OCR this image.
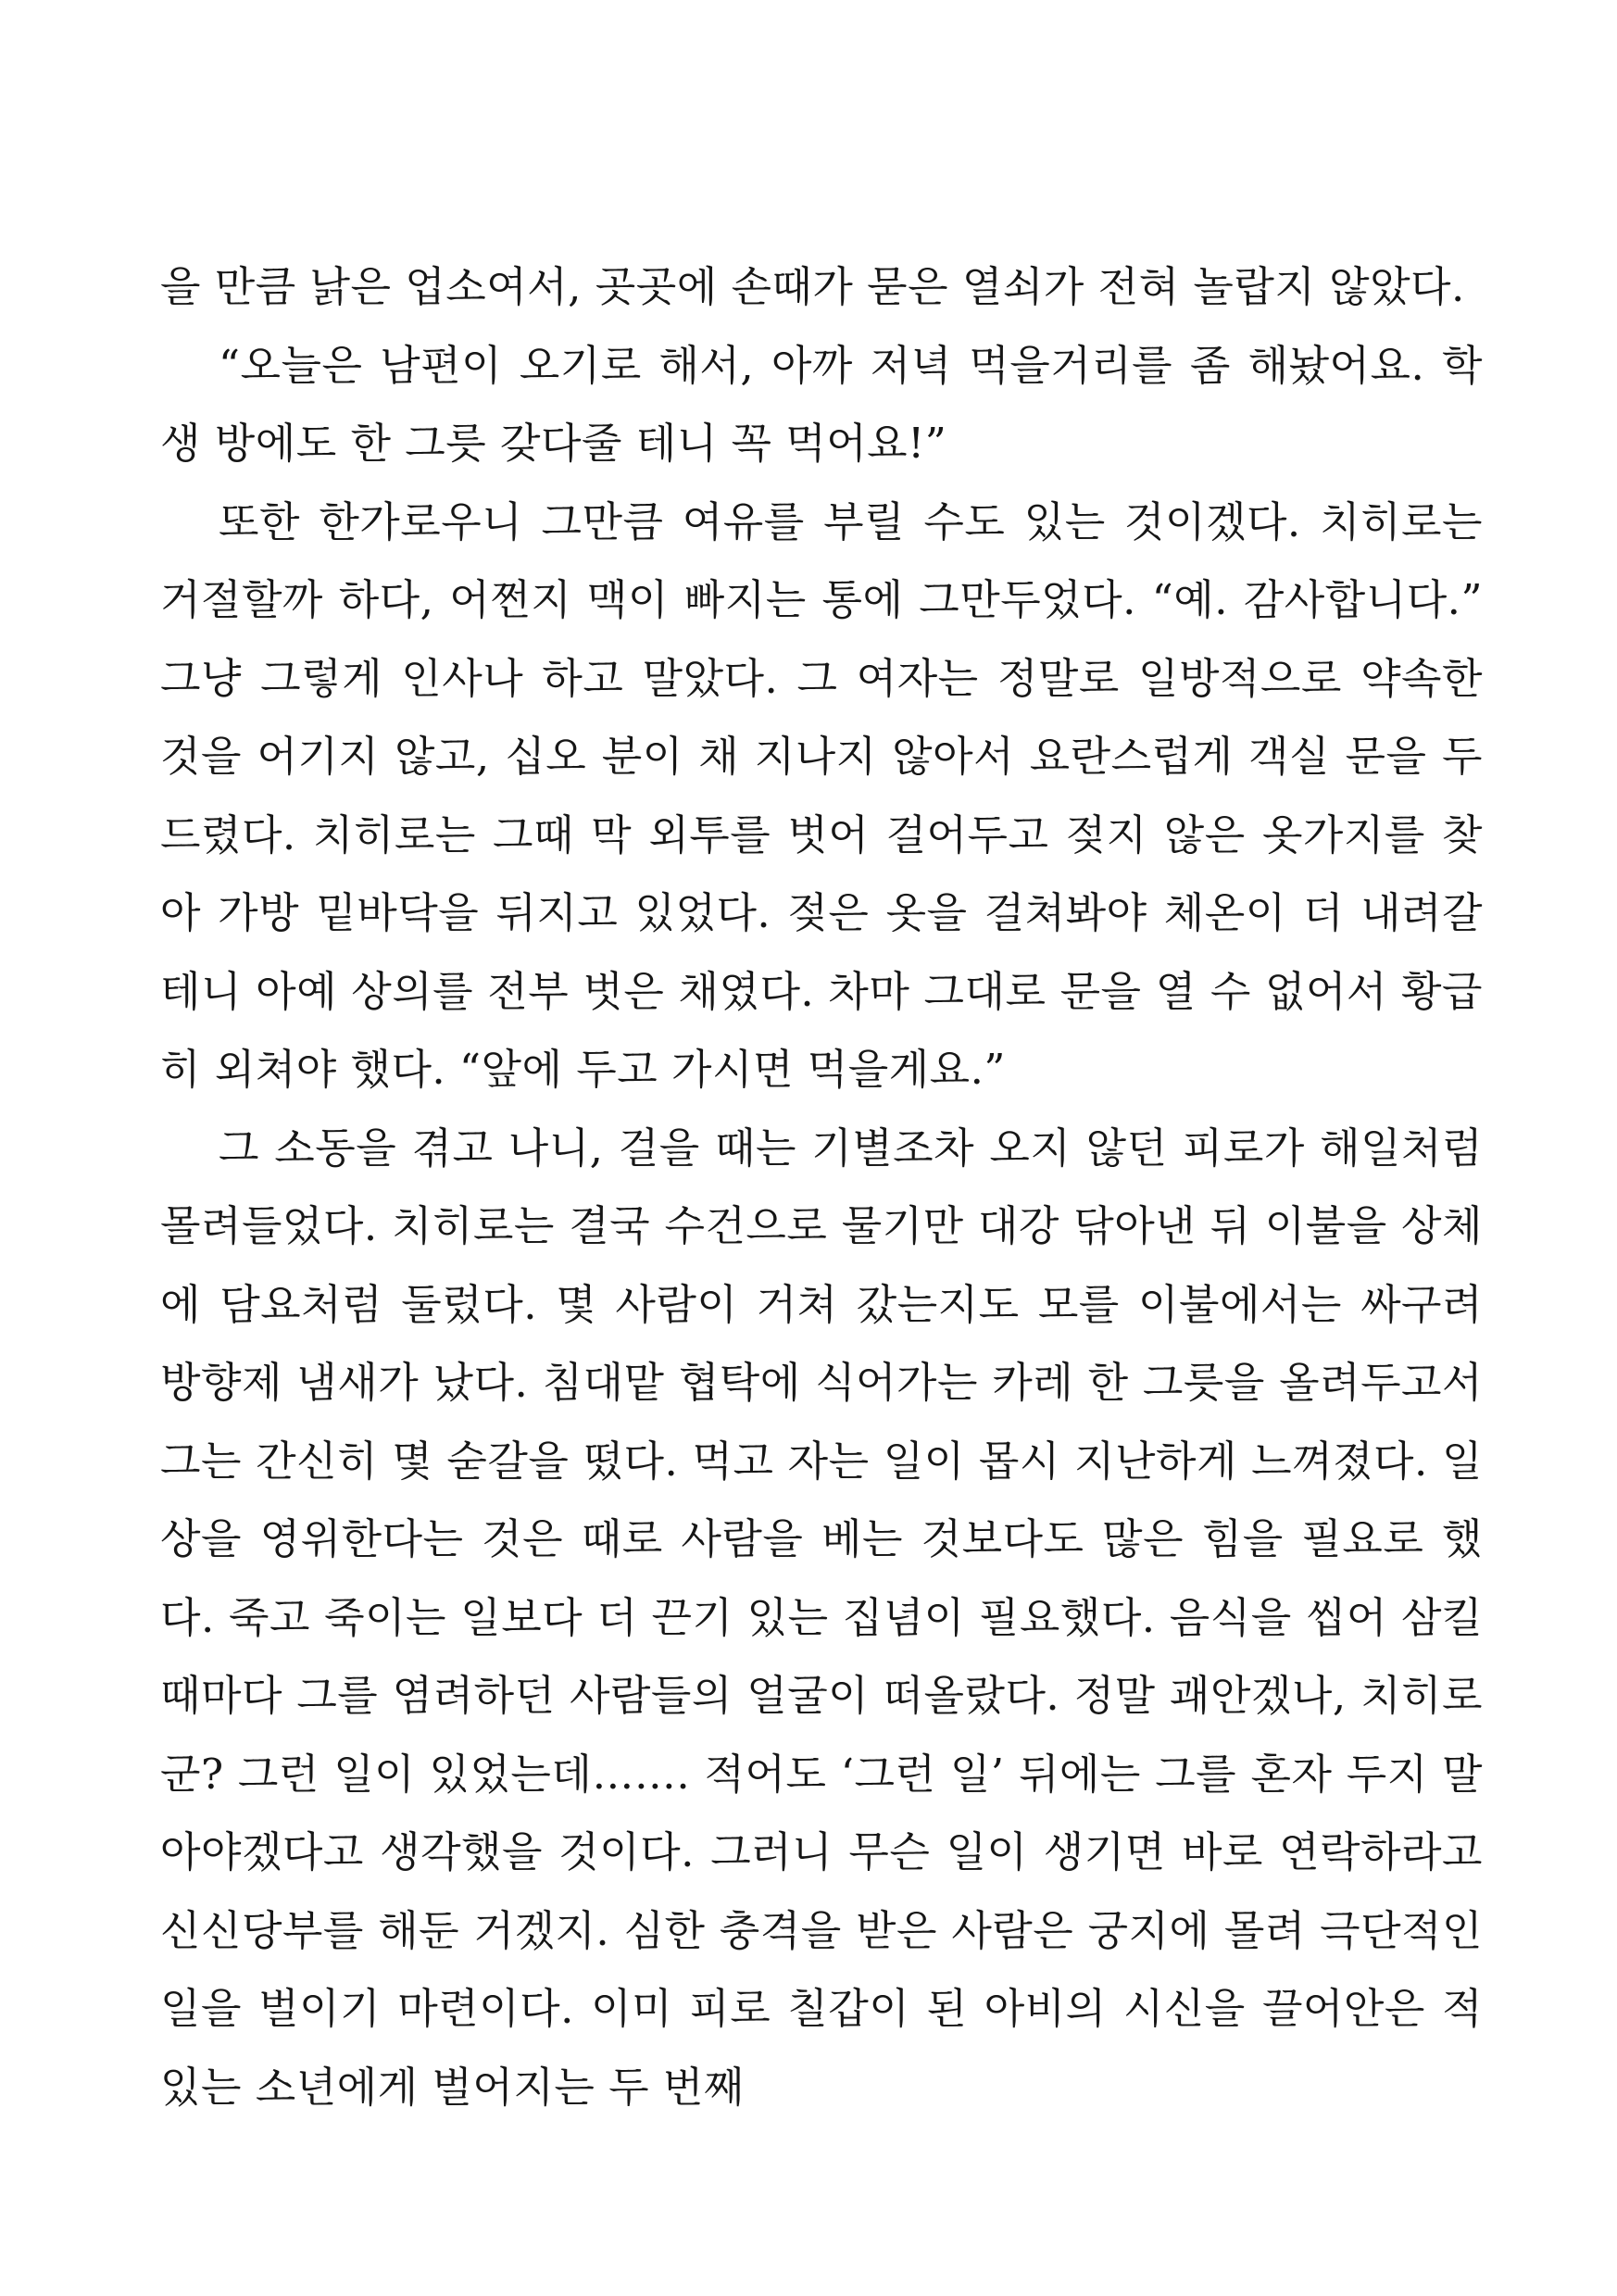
을 만큼 낡은 업소여서, 곳곳에 손때가 묻은 열쇠가 전혀 놀랍지 않았다.

“오늘은 남편이 오기로 해서, 아까 저녁 먹을거리를 좀 해놨어요. 학생 방에도 한 그릇 갖다줄 테니 꼭 먹어요!”

또한 한가로우니 그만큼 여유를 부릴 수도 있는 것이겠다. 치히로는 거절할까 하다, 어쩐지 맥이 빠지는 통에 그만두었다. “예. 감사합니다.” 그냥 그렇게 인사나 하고 말았다. 그 여자는 정말로 일방적으로 약속한 것을 어기지 않고, 십오 분이 채 지나지 않아서 요란스럽게 객실 문을 두드렸다. 치히로는 그때 막 외투를 벗어 걸어두고 젖지 않은 옷가지를 찾아 가방 밑바닥을 뒤지고 있었다. 젖은 옷을 걸쳐봐야 체온이 더 내려갈 테니 아예 상의를 전부 벗은 채였다. 차마 그대로 문을 열 수 없어서 황급히 외쳐야 했다. “앞에 두고 가시면 먹을게요.”

그 소동을 겪고 나니, 걸을 때는 기별조차 오지 않던 피로가 해일처럼 몰려들었다. 치히로는 결국 수건으로 물기만 대강 닦아낸 뒤 이불을 상체에 담요처럼 둘렀다. 몇 사람이 거쳐 갔는지도 모를 이불에서는 싸구려 방향제 냄새가 났다. 침대맡 협탁에 식어가는 카레 한 그릇을 올려두고서 그는 간신히 몇 숟갈을 떴다. 먹고 자는 일이 몹시 지난하게 느껴졌다. 일상을 영위한다는 것은 때로 사람을 베는 것보다도 많은 힘을 필요로 했다. 죽고 죽이는 일보다 더 끈기 있는 집념이 필요했다. 음식을 씹어 삼킬 때마다 그를 염려하던 사람들의 얼굴이 떠올랐다. 정말 괘안겠나, 치히로 군? 그런 일이 있었는데……. 적어도 ‘그런 일’ 뒤에는 그를 혼자 두지 말아야겠다고 생각했을 것이다. 그러니 무슨 일이 생기면 바로 연락하라고 신신당부를 해둔 거겠지. 심한 충격을 받은 사람은 궁지에 몰려 극단적인 일을 벌이기 마련이다. 이미 피로 칠갑이 된 아비의 시신을 끌어안은 적 있는 소년에게 벌어지는 두 번째
